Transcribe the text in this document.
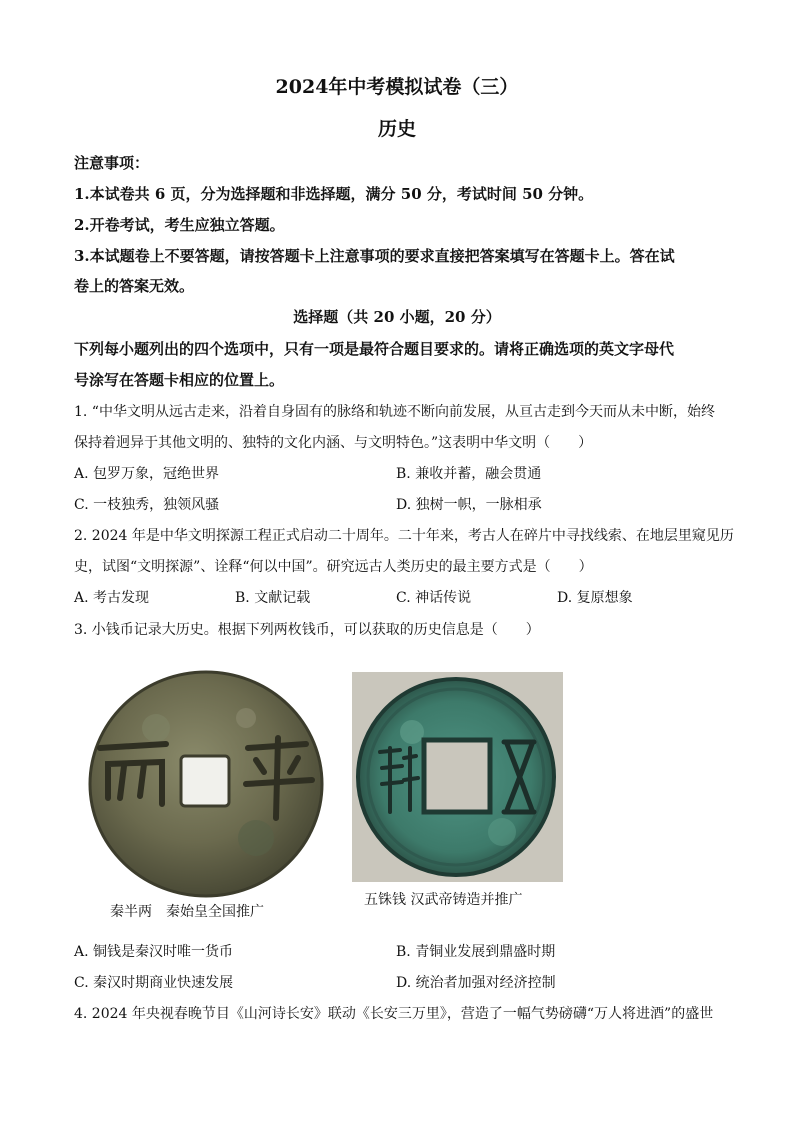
2024年中考模拟试卷（三）
历史
注意事项：
1.本试卷共 6 页，分为选择题和非选择题，满分 50 分，考试时间 50 分钟。
2.开卷考试，考生应独立答题。
3.本试题卷上不要答题，请按答题卡上注意事项的要求直接把答案填写在答题卡上。答在试
卷上的答案无效。
选择题（共 20 小题，20 分）
下列每小题列出的四个选项中，只有一项是最符合题目要求的。请将正确选项的英文字母代
号涂写在答题卡相应的位置上。
1. “中华文明从远古走来，沿着自身固有的脉络和轨迹不断向前发展，从亘古走到今天而从未中断，始终
保持着迥异于其他文明的、独特的文化内涵、与文明特色。”这表明中华文明（　　）
A. 包罗万象，冠绝世界	B. 兼收并蓄，融会贯通
C. 一枝独秀，独领风骚	D. 独树一帜，一脉相承
2. 2024 年是中华文明探源工程正式启动二十周年。二十年来，考古人在碎片中寻找线索、在地层里窥见历
史，试图“文明探源”、诠释“何以中国”。研究远古人类历史的最主要方式是（　　）
A. 考古发现	B. 文献记载	C. 神话传说	D. 复原想象
3. 小钱币记录大历史。根据下列两枚钱币，可以获取的历史信息是（　　）
秦半两　秦始皇全国推广
五铢钱 汉武帝铸造并推广
A. 铜钱是秦汉时唯一货币	B. 青铜业发展到鼎盛时期
C. 秦汉时期商业快速发展	D. 统治者加强对经济控制
4. 2024 年央视春晚节目《山河诗长安》联动《长安三万里》，营造了一幅气势磅礴“万人将进酒”的盛世
